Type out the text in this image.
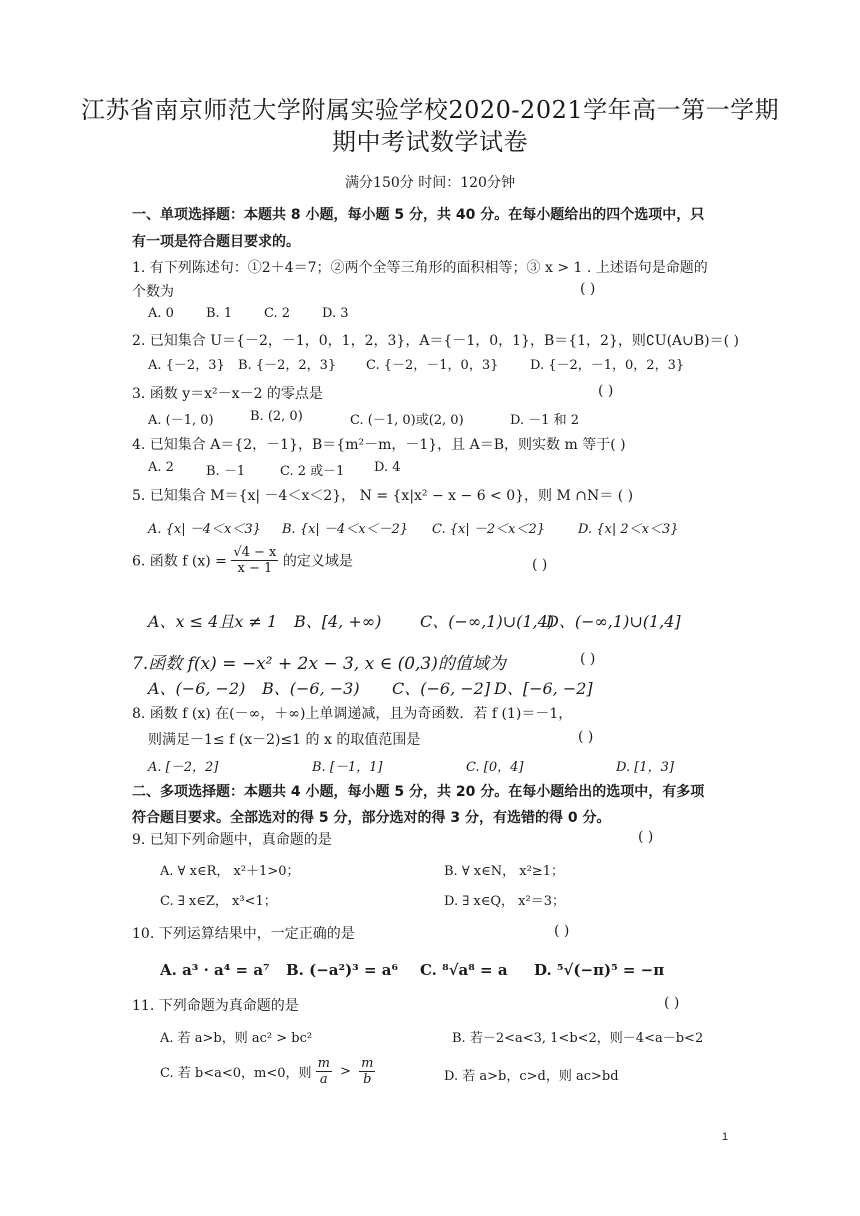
江苏省南京师范大学附属实验学校2020-2021学年高一第一学期
期中考试数学试卷
满分150分 时间：120分钟
一、单项选择题：本题共 8 小题，每小题 5 分，共 40 分。在每小题给出的四个选项中，只
有一项是符合题目要求的。
1. 有下列陈述句：①2＋4＝7；②两个全等三角形的面积相等；③ x > 1 . 上述语句是命题的
个数为	( )
A. 0 B. 1 C. 2 D. 3
2. 已知集合 U＝{－2，－1，0，1，2，3}，A＝{－1，0，1}，B＝{1，2}，则∁U(A∪B)＝( )
A. {－2，3} B. {－2，2，3} C. {－2，－1，0，3} D. {－2，－1，0，2，3}
3. 函数 y＝x²－x－2 的零点是	( )
A. (－1, 0)	B. (2, 0)	C. (－1, 0)或(2, 0)	D. －1 和 2
4. 已知集合 A＝{2，－1}，B＝{m²－m，－1}，且 A＝B，则实数 m 等于( )
A. 2 B. －1	C. 2 或－1 D. 4
5. 已知集合 M＝{x| －4＜x＜2}， N = {x|x² − x − 6 < 0}，则 M ∩N＝ ( )
A. {x| －4＜x＜3} B. {x| －4＜x＜－2} C. {x| －2＜x＜2}	D. {x| 2＜x＜3}
6. 函数 f $(x) = \frac{√4 - x}{x - 1}$ 的定义域是	( )
A、x ≤ 4且x ≠ 1 B、[4, +∞) C、(−∞,1)∪(1,4)
D、(−∞,1)∪(1,4]
7.函数 f(x) = −x² + 2x − 3, x ∈ (0,3)的值域为	( )
A、(−6, −2) B、(−6, −3) C、(−6, −2] D、[−6, −2]
8. 函数 f (x) 在(－∞，＋∞)上单调递减，且为奇函数．若 f (1)＝－1，
则满足－1≤ f (x－2)≤1 的 x 的取值范围是	( )
A. [－2，2]	B. [－1，1]	C. [0，4]	D. [1，3]
二、多项选择题：本题共 4 小题，每小题 5 分，共 20 分。在每小题给出的选项中，有多项
符合题目要求。全部选对的得 5 分，部分选对的得 3 分，有选错的得 0 分。
9. 已知下列命题中，真命题的是	( )
A. ∀ x∈R， x²＋1>0；	B. ∀ x∈N， x²≥1；
C. ∃ x∈Z， x³<1；	D. ∃ x∈Q， x²＝3；
10. 下列运算结果中，一定正确的是	( )
A. a³ · a⁴ = a⁷ B. (−a²)³ = a⁶ C. ⁸√a⁸ = a D. ⁵√(−π)⁵ = −π
11. 下列命题为真命题的是	( )
A. 若 a>b，则 ac² > bc²	B. 若－2<a<3, 1<b<2，则－4<a－b<2
C. 若 b<a<0，m<0，则 $\frac{m}{a} > \frac{m}{b}$	D. 若 a>b，c>d，则 ac>bd
1
